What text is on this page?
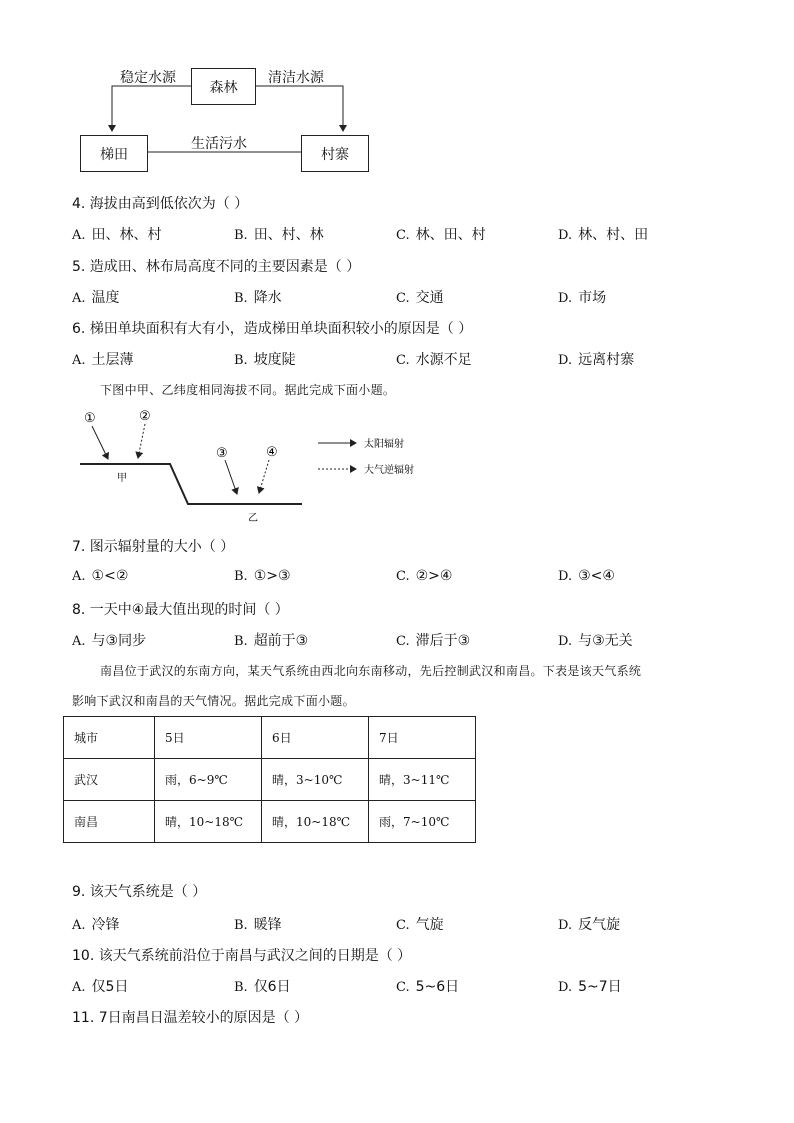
森林
梯田	村寨
稳定水源	清洁水源
生活污水
4. 海拔由高到低依次为（ ）
A. 田、林、村	B. 田、村、林	C. 林、田、村	D. 林、村、田
5. 造成田、林布局高度不同的主要因素是（ ）
A. 温度	B. 降水	C. 交通	D. 市场
6. 梯田单块面积有大有小，造成梯田单块面积较小的原因是（ ）
A. 土层薄	B. 坡度陡	C. 水源不足	D. 远离村寨
下图中甲、乙纬度相同海拔不同。据此完成下面小题。
①	②
③	④
甲
乙
太阳辐射
大气逆辐射
7. 图示辐射量的大小（ ）
A. ①<②	B. ①>③	C. ②>④	D. ③<④
8. 一天中④最大值出现的时间（ ）
A. 与③同步	B. 超前于③	C. 滞后于③	D. 与③无关
南昌位于武汉的东南方向，某天气系统由西北向东南移动，先后控制武汉和南昌。下表是该天气系统
影响下武汉和南昌的天气情况。据此完成下面小题。
城市	5日	6日	7日
武汉	雨，6~9℃	晴，3~10℃	晴，3~11℃
南昌	晴，10~18℃	晴，10~18℃	雨，7~10℃
9. 该天气系统是（ ）
A. 冷锋	B. 暖锋	C. 气旋	D. 反气旋
10. 该天气系统前沿位于南昌与武汉之间的日期是（ ）
A. 仅5日	B. 仅6日	C. 5~6日	D. 5~7日
11. 7日南昌日温差较小的原因是（ ）
